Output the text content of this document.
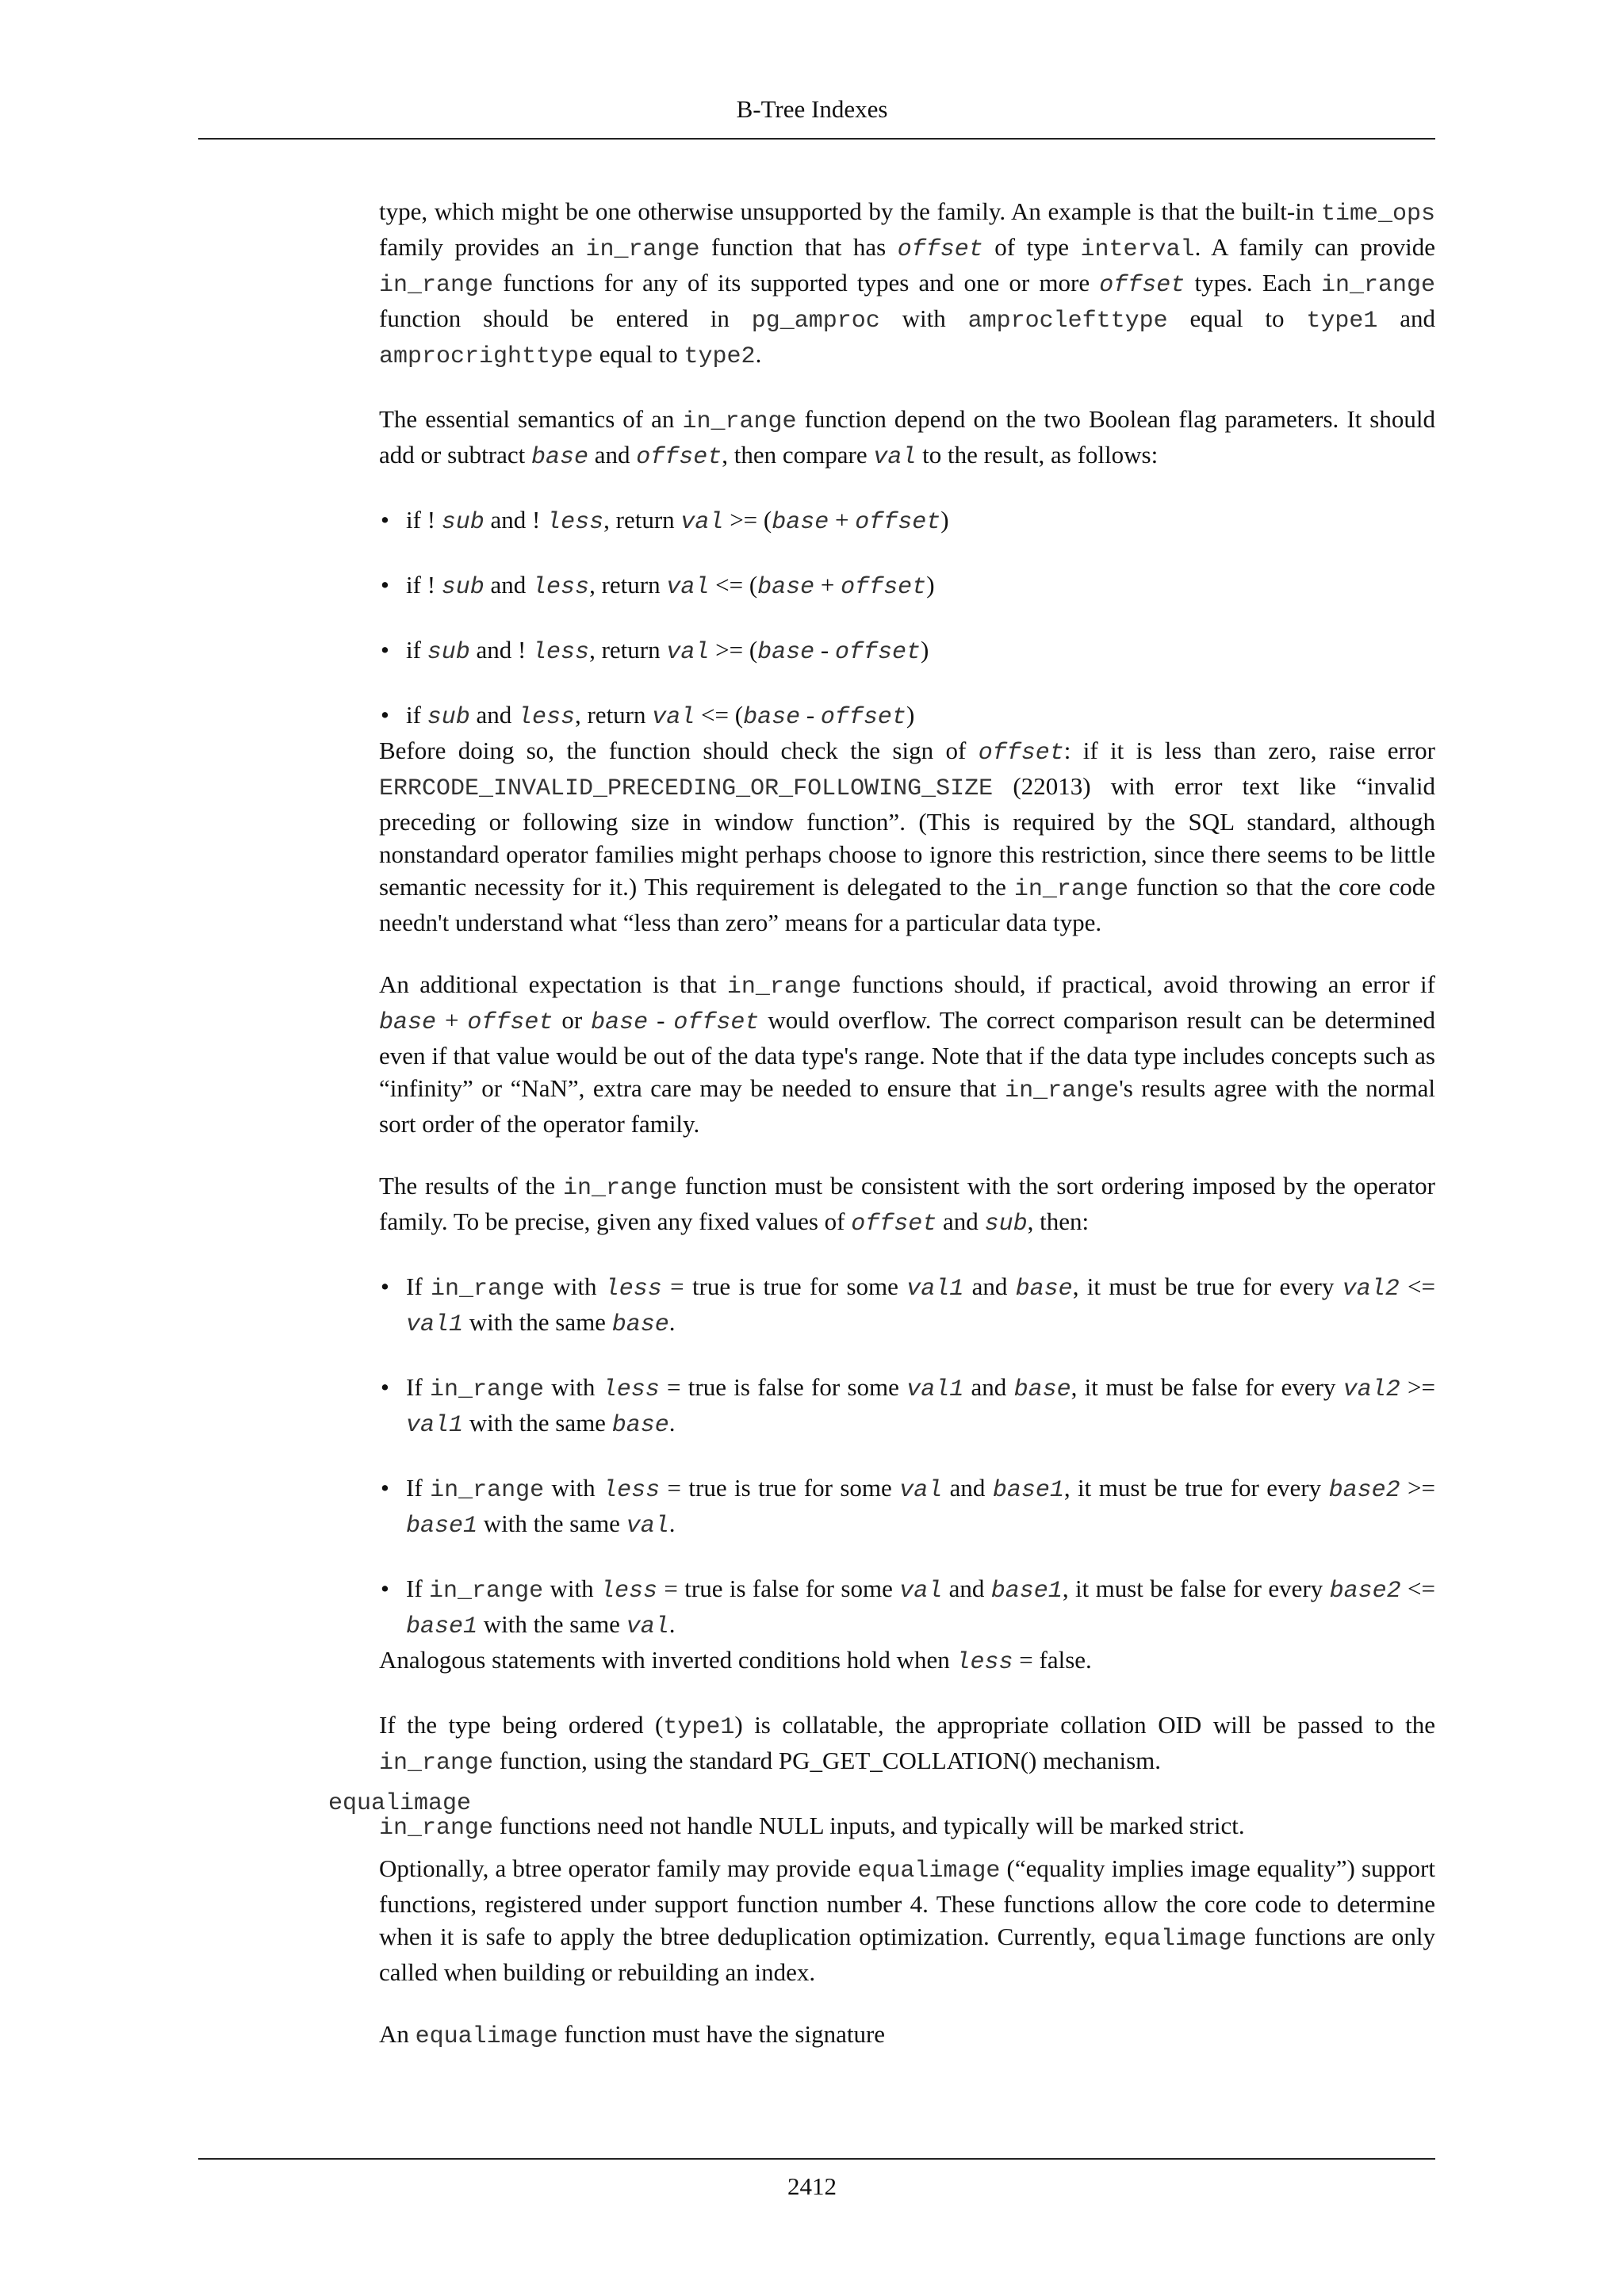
B-Tree Indexes

type, which might be one otherwise unsupported by the family. An example is that the built-in time_ops family provides an in_range function that has offset of type interval. A family can provide in_range functions for any of its supported types and one or more offset types. Each in_range function should be entered in pg_amproc with amproclefttype equal to type1 and amprocrighttype equal to type2.

The essential semantics of an in_range function depend on the two Boolean flag parameters. It should add or subtract base and offset, then compare val to the result, as follows:

• if ! sub and ! less, return val >= (base + offset)
• if ! sub and less, return val <= (base + offset)
• if sub and ! less, return val >= (base - offset)
• if sub and less, return val <= (base - offset)

Before doing so, the function should check the sign of offset: if it is less than zero, raise error ERRCODE_INVALID_PRECEDING_OR_FOLLOWING_SIZE (22013) with error text like “invalid preceding or following size in window function”. (This is required by the SQL standard, although nonstandard operator families might perhaps choose to ignore this restriction, since there seems to be little semantic necessity for it.) This requirement is delegated to the in_range function so that the core code needn't understand what “less than zero” means for a particular data type.

An additional expectation is that in_range functions should, if practical, avoid throwing an error if base + offset or base - offset would overflow. The correct comparison result can be determined even if that value would be out of the data type's range. Note that if the data type includes concepts such as “infinity” or “NaN”, extra care may be needed to ensure that in_range's results agree with the normal sort order of the operator family.

The results of the in_range function must be consistent with the sort ordering imposed by the operator family. To be precise, given any fixed values of offset and sub, then:

• If in_range with less = true is true for some val1 and base, it must be true for every val2 <= val1 with the same base.
• If in_range with less = true is false for some val1 and base, it must be false for every val2 >= val1 with the same base.
• If in_range with less = true is true for some val and base1, it must be true for every base2 >= base1 with the same val.
• If in_range with less = true is false for some val and base1, it must be false for every base2 <= base1 with the same val.

Analogous statements with inverted conditions hold when less = false.

If the type being ordered (type1) is collatable, the appropriate collation OID will be passed to the in_range function, using the standard PG_GET_COLLATION() mechanism.

in_range functions need not handle NULL inputs, and typically will be marked strict.

equalimage

Optionally, a btree operator family may provide equalimage (“equality implies image equality”) support functions, registered under support function number 4. These functions allow the core code to determine when it is safe to apply the btree deduplication optimization. Currently, equalimage functions are only called when building or rebuilding an index.

An equalimage function must have the signature

2412
